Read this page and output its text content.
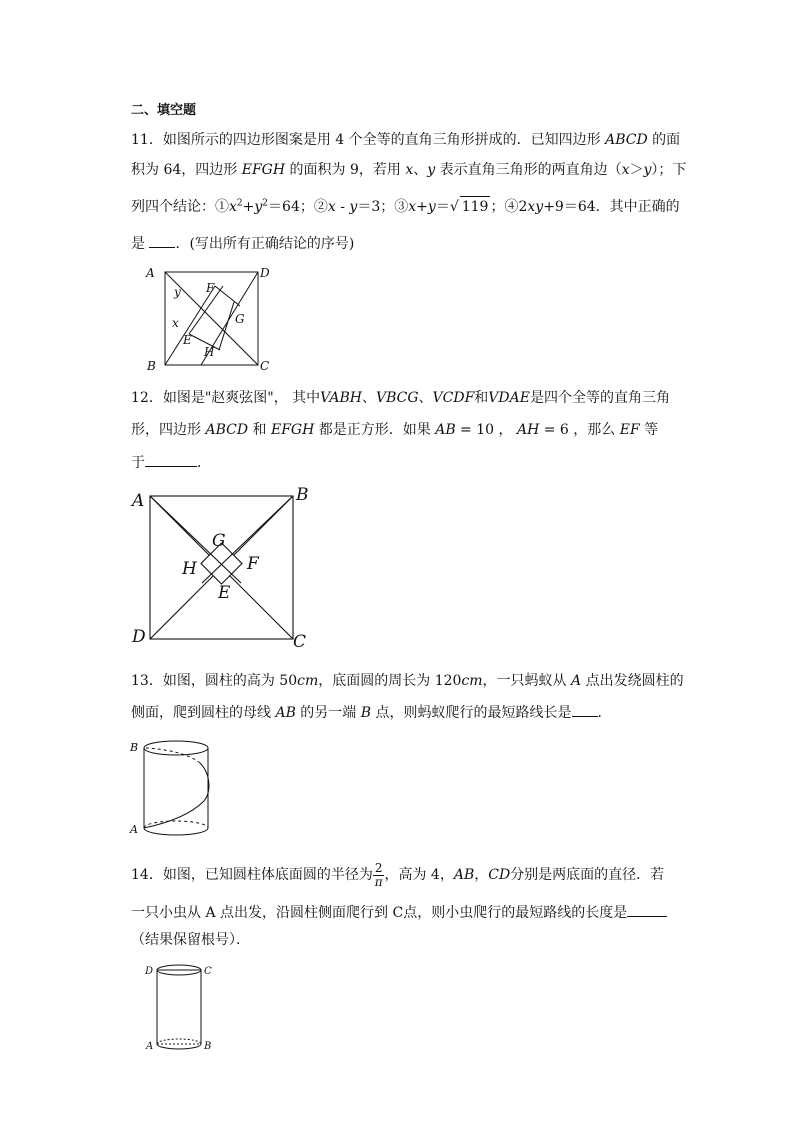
二、填空题
11．如图所示的四边形图案是用 4 个全等的直角三角形拼成的．已知四边形 ABCD 的面
积为 64，四边形 EFGH 的面积为 9，若用 x、y 表示直角三角形的两直角边（x＞y）；下
列四个结论：$①x^2+y^2=64$；②x - y＝3；③x+y＝√ 119 ；④2xy+9＝64．其中正确的
是 ．(写出所有正确结论的序号)
A	D
B	C
F
G
E
H
y
x
12．如图是"赵爽弦图"， 其中VABH、VBCG、VCDF和VDAE是四个全等的直角三角
形，四边形 ABCD 和 EFGH 都是正方形．如果 AB = 10 ， AH = 6 ，那么 EF 等
于	．
A	B
D	C
G
H	F
E
13．如图，圆柱的高为 50cm，底面圆的周长为 120cm，一只蚂蚁从 A 点出发绕圆柱的
侧面，爬到圆柱的母线 AB 的另一端 B 点，则蚂蚁爬行的最短路线长是 ．
B
A
14．如图，已知圆柱体底面圆的半径为 $\frac{2}{\pi}$ ，高为 4，AB，CD分别是两底面的直径．若
一只小虫从 A 点出发，沿圆柱侧面爬行到 C点，则小虫爬行的最短路线的长度是
（结果保留根号）．
D	C
A	B
